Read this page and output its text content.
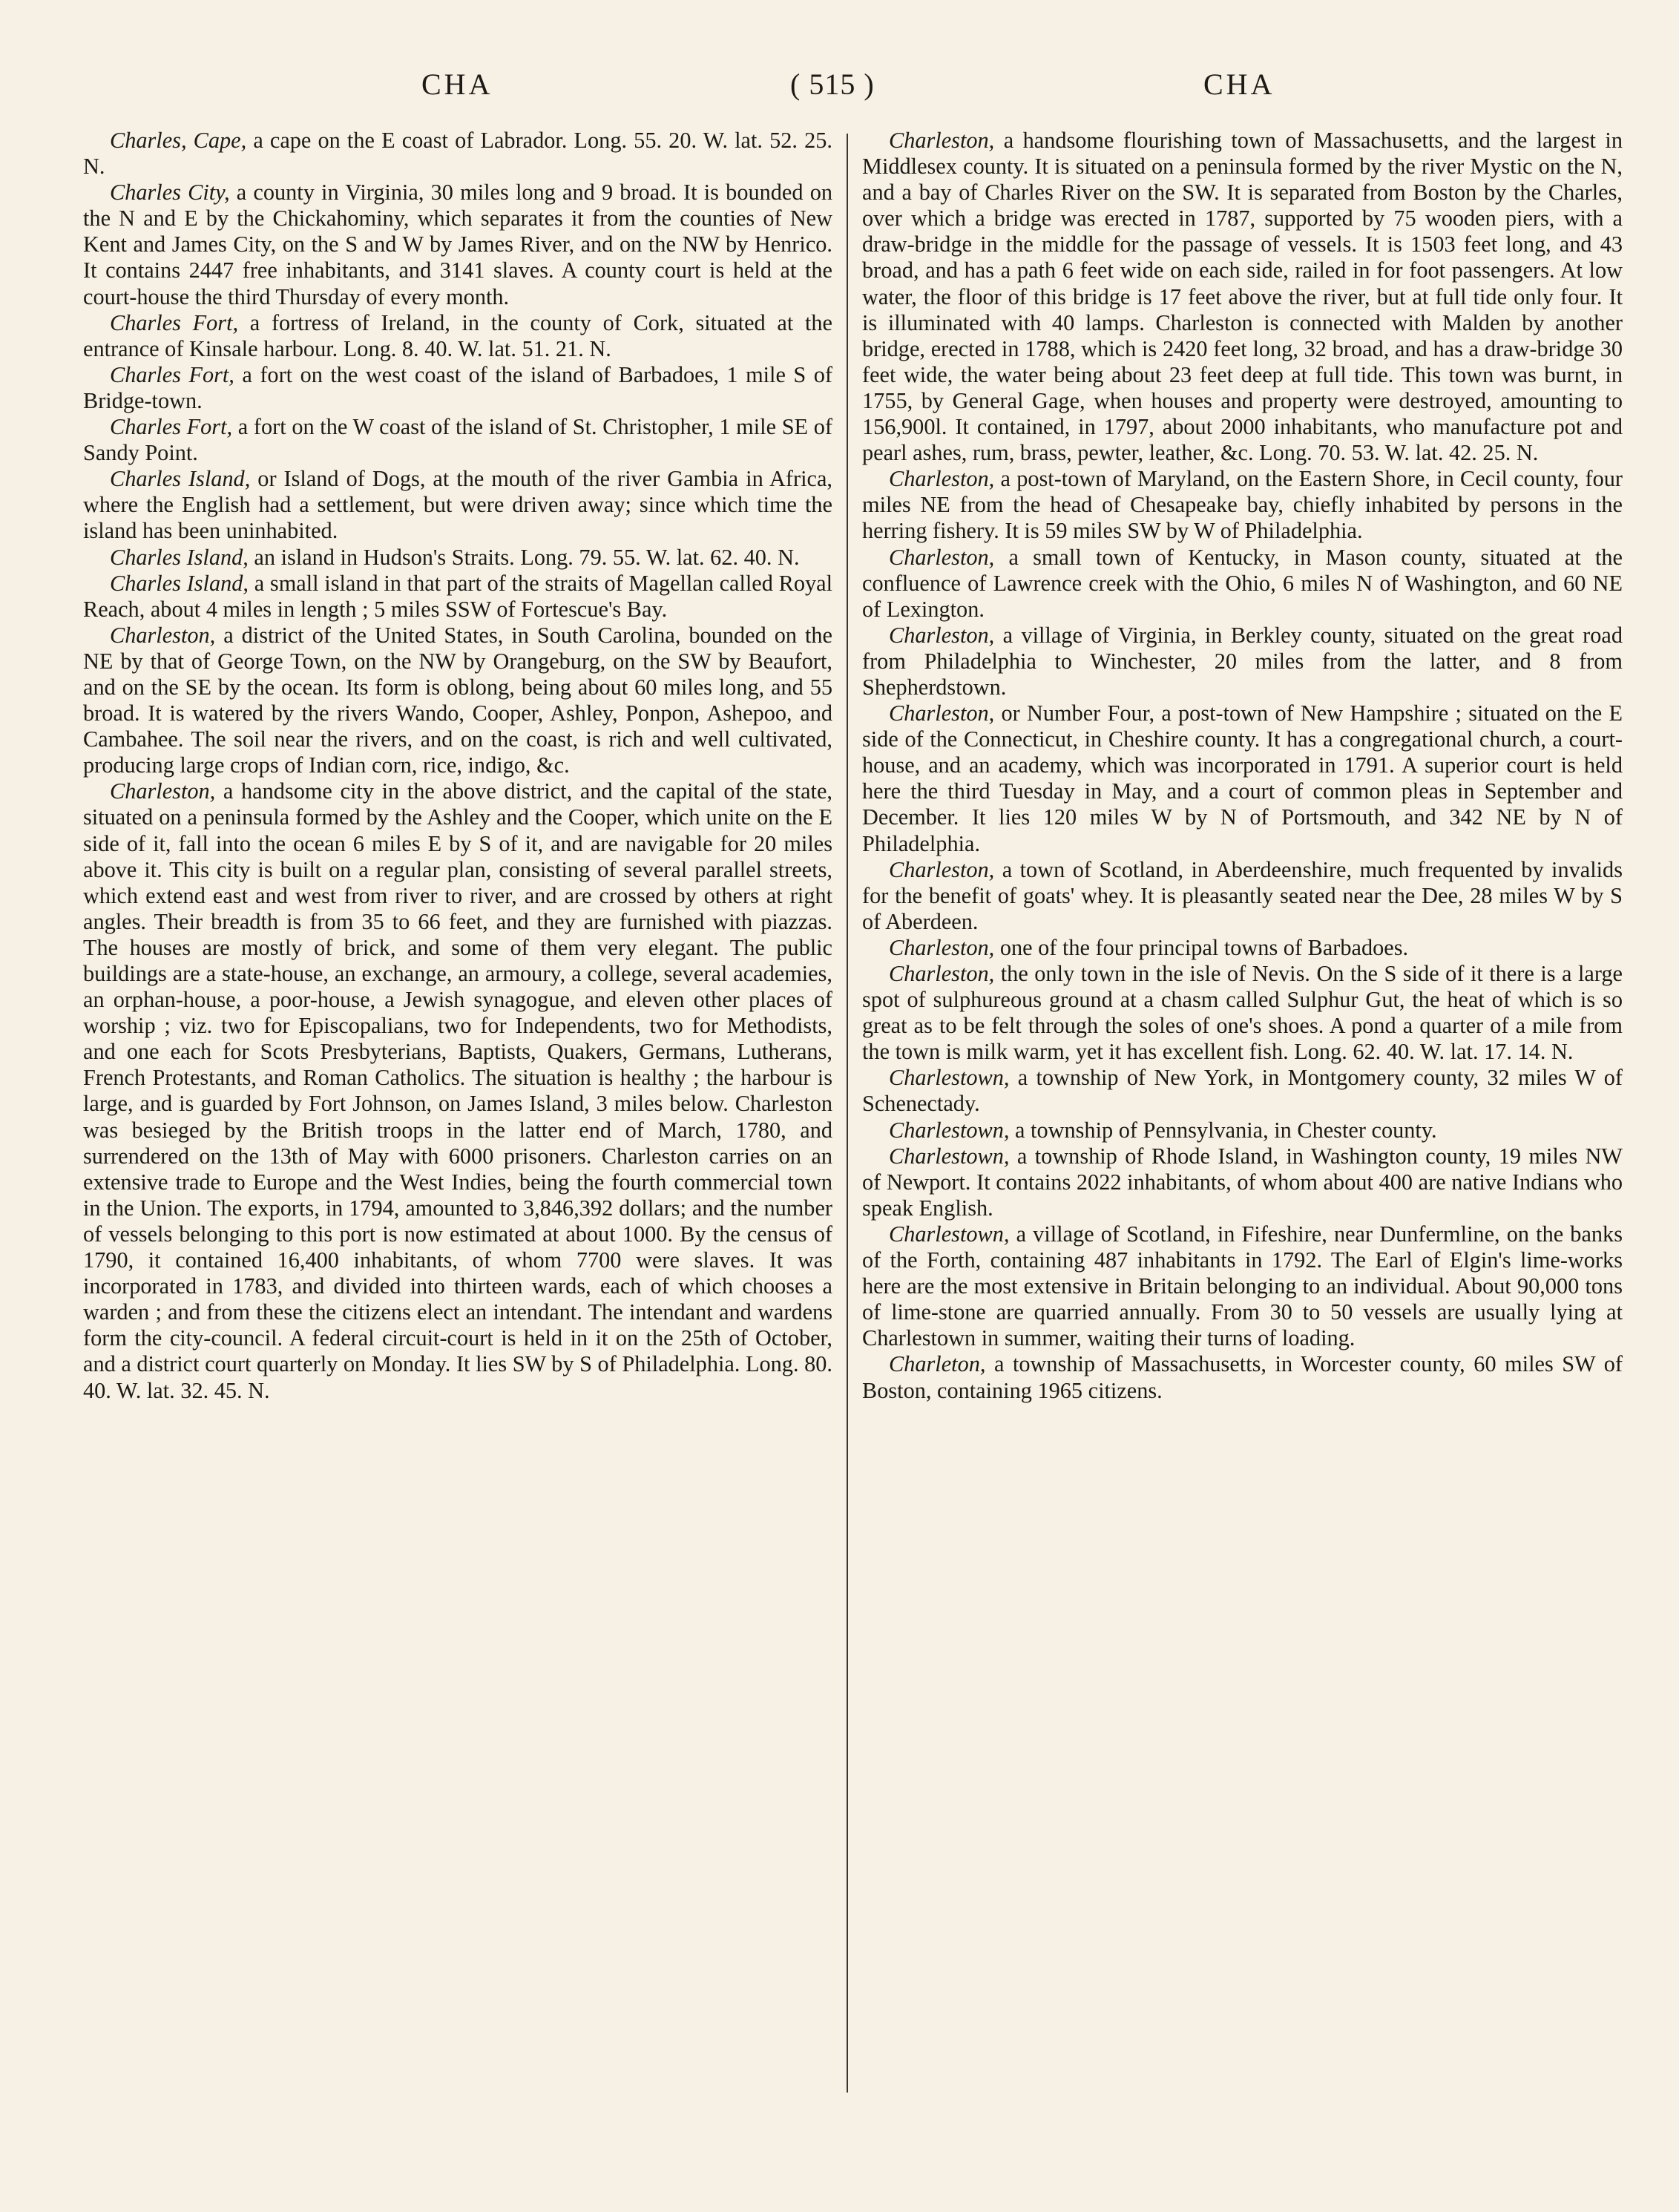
CHA	( 515 )	CHA

Charles, Cape, a cape on the E coast of Labrador. Long. 55. 20. W. lat. 52. 25. N.

Charles City, a county in Virginia, 30 miles long and 9 broad. It is bounded on the N and E by the Chickahominy, which separates it from the counties of New Kent and James City, on the S and W by James River, and on the NW by Henrico. It contains 2447 free inhabitants, and 3141 slaves. A county court is held at the court-house the third Thursday of every month.

Charles Fort, a fortress of Ireland, in the county of Cork, situated at the entrance of Kinsale harbour. Long. 8. 40. W. lat. 51. 21. N.

Charles Fort, a fort on the west coast of the island of Barbadoes, 1 mile S of Bridge-town.

Charles Fort, a fort on the W coast of the island of St. Christopher, 1 mile SE of Sandy Point.

Charles Island, or Island of Dogs, at the mouth of the river Gambia in Africa, where the English had a settlement, but were driven away; since which time the island has been uninhabited.

Charles Island, an island in Hudson's Straits. Long. 79. 55. W. lat. 62. 40. N.

Charles Island, a small island in that part of the straits of Magellan called Royal Reach, about 4 miles in length ; 5 miles SSW of Fortescue's Bay.

Charleston, a district of the United States, in South Carolina, bounded on the NE by that of George Town, on the NW by Orangeburg, on the SW by Beaufort, and on the SE by the ocean. Its form is oblong, being about 60 miles long, and 55 broad. It is watered by the rivers Wando, Cooper, Ashley, Ponpon, Ashepoo, and Cambahee. The soil near the rivers, and on the coast, is rich and well cultivated, producing large crops of Indian corn, rice, indigo, &c.

Charleston, a handsome city in the above district, and the capital of the state, situated on a peninsula formed by the Ashley and the Cooper, which unite on the E side of it, fall into the ocean 6 miles E by S of it, and are navigable for 20 miles above it. This city is built on a regular plan, consisting of several parallel streets, which extend east and west from river to river, and are crossed by others at right angles. Their breadth is from 35 to 66 feet, and they are furnished with piazzas. The houses are mostly of brick, and some of them very elegant. The public buildings are a state-house, an exchange, an armoury, a college, several academies, an orphan-house, a poor-house, a Jewish synagogue, and eleven other places of worship ; viz. two for Episcopalians, two for Independents, two for Methodists, and one each for Scots Presbyterians, Baptists, Quakers, Germans, Lutherans, French Protestants, and Roman Catholics. The situation is healthy ; the harbour is large, and is guarded by Fort Johnson, on James Island, 3 miles below. Charleston was besieged by the British troops in the latter end of March, 1780, and surrendered on the 13th of May with 6000 prisoners. Charleston carries on an extensive trade to Europe and the West Indies, being the fourth commercial town in the Union. The exports, in 1794, amounted to 3,846,392 dollars; and the number of vessels belonging to this port is now estimated at about 1000. By the census of 1790, it contained 16,400 inhabitants, of whom 7700 were slaves. It was incorporated in 1783, and divided into thirteen wards, each of which chooses a warden ; and from these the citizens elect an intendant. The intendant and wardens form the city-council. A federal circuit-court is held in it on the 25th of October, and a district court quarterly on Monday. It lies SW by S of Philadelphia. Long. 80. 40. W. lat. 32. 45. N.

Charleston, a handsome flourishing town of Massachusetts, and the largest in Middlesex county. It is situated on a peninsula formed by the river Mystic on the N, and a bay of Charles River on the SW. It is separated from Boston by the Charles, over which a bridge was erected in 1787, supported by 75 wooden piers, with a draw-bridge in the middle for the passage of vessels. It is 1503 feet long, and 43 broad, and has a path 6 feet wide on each side, railed in for foot passengers. At low water, the floor of this bridge is 17 feet above the river, but at full tide only four. It is illuminated with 40 lamps. Charleston is connected with Malden by another bridge, erected in 1788, which is 2420 feet long, 32 broad, and has a draw-bridge 30 feet wide, the water being about 23 feet deep at full tide. This town was burnt, in 1755, by General Gage, when houses and property were destroyed, amounting to 156,900l. It contained, in 1797, about 2000 inhabitants, who manufacture pot and pearl ashes, rum, brass, pewter, leather, &c. Long. 70. 53. W. lat. 42. 25. N.

Charleston, a post-town of Maryland, on the Eastern Shore, in Cecil county, four miles NE from the head of Chesapeake bay, chiefly inhabited by persons in the herring fishery. It is 59 miles SW by W of Philadelphia.

Charleston, a small town of Kentucky, in Mason county, situated at the confluence of Lawrence creek with the Ohio, 6 miles N of Washington, and 60 NE of Lexington.

Charleston, a village of Virginia, in Berkley county, situated on the great road from Philadelphia to Winchester, 20 miles from the latter, and 8 from Shepherdstown.

Charleston, or Number Four, a post-town of New Hampshire ; situated on the E side of the Connecticut, in Cheshire county. It has a congregational church, a court-house, and an academy, which was incorporated in 1791. A superior court is held here the third Tuesday in May, and a court of common pleas in September and December. It lies 120 miles W by N of Portsmouth, and 342 NE by N of Philadelphia.

Charleston, a town of Scotland, in Aberdeenshire, much frequented by invalids for the benefit of goats' whey. It is pleasantly seated near the Dee, 28 miles W by S of Aberdeen.

Charleston, one of the four principal towns of Barbadoes.

Charleston, the only town in the isle of Nevis. On the S side of it there is a large spot of sulphureous ground at a chasm called Sulphur Gut, the heat of which is so great as to be felt through the soles of one's shoes. A pond a quarter of a mile from the town is milk warm, yet it has excellent fish. Long. 62. 40. W. lat. 17. 14. N.

Charlestown, a township of New York, in Montgomery county, 32 miles W of Schenectady.

Charlestown, a township of Pennsylvania, in Chester county.

Charlestown, a township of Rhode Island, in Washington county, 19 miles NW of Newport. It contains 2022 inhabitants, of whom about 400 are native Indians who speak English.

Charlestown, a village of Scotland, in Fifeshire, near Dunfermline, on the banks of the Forth, containing 487 inhabitants in 1792. The Earl of Elgin's lime-works here are the most extensive in Britain belonging to an individual. About 90,000 tons of lime-stone are quarried annually. From 30 to 50 vessels are usually lying at Charlestown in summer, waiting their turns of loading.

Charleton, a township of Massachusetts, in Worcester county, 60 miles SW of Boston, containing 1965 citizens.
